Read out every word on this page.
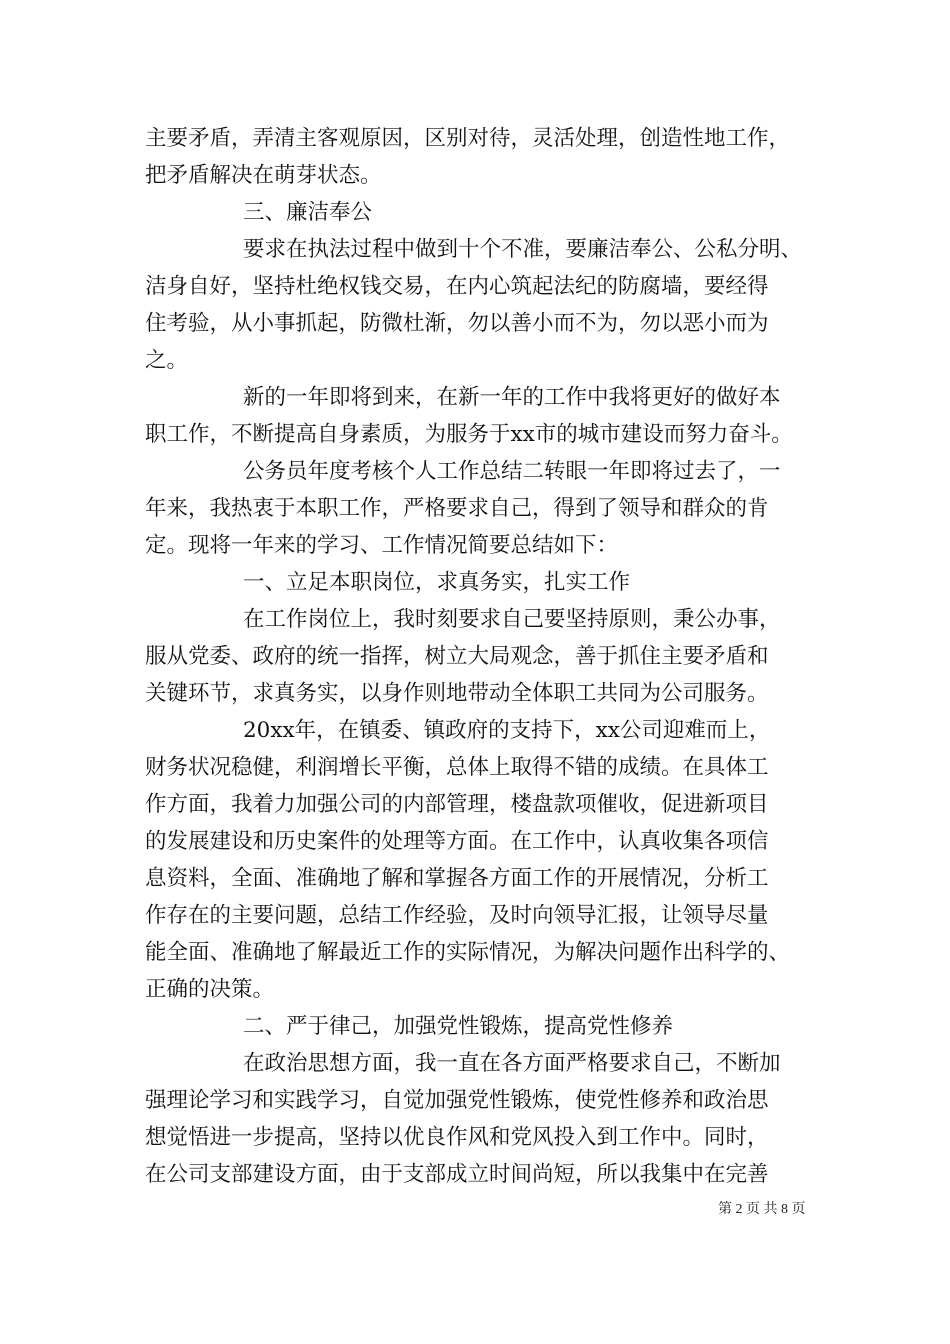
主要矛盾，弄清主客观原因，区别对待，灵活处理，创造性地工作，
把矛盾解决在萌芽状态。
三、廉洁奉公
要求在执法过程中做到十个不准，要廉洁奉公、公私分明、
洁身自好，坚持杜绝权钱交易，在内心筑起法纪的防腐墙，要经得
住考验，从小事抓起，防微杜渐，勿以善小而不为，勿以恶小而为
之。
新的一年即将到来，在新一年的工作中我将更好的做好本
职工作，不断提高自身素质，为服务于xx市的城市建设而努力奋斗。
公务员年度考核个人工作总结二转眼一年即将过去了，一
年来，我热衷于本职工作，严格要求自己，得到了领导和群众的肯
定。现将一年来的学习、工作情况简要总结如下：
一、立足本职岗位，求真务实，扎实工作
在工作岗位上，我时刻要求自己要坚持原则，秉公办事，
服从党委、政府的统一指挥，树立大局观念，善于抓住主要矛盾和
关键环节，求真务实，以身作则地带动全体职工共同为公司服务。
20xx年，在镇委、镇政府的支持下，xx公司迎难而上，
财务状况稳健，利润增长平衡，总体上取得不错的成绩。在具体工
作方面，我着力加强公司的内部管理，楼盘款项催收，促进新项目
的发展建设和历史案件的处理等方面。在工作中，认真收集各项信
息资料，全面、准确地了解和掌握各方面工作的开展情况，分析工
作存在的主要问题，总结工作经验，及时向领导汇报，让领导尽量
能全面、准确地了解最近工作的实际情况，为解决问题作出科学的、
正确的决策。
二、严于律己，加强党性锻炼，提高党性修养
在政治思想方面，我一直在各方面严格要求自己，不断加
强理论学习和实践学习，自觉加强党性锻炼，使党性修养和政治思
想觉悟进一步提高，坚持以优良作风和党风投入到工作中。同时，
在公司支部建设方面，由于支部成立时间尚短，所以我集中在完善
第 2 页 共 8 页
